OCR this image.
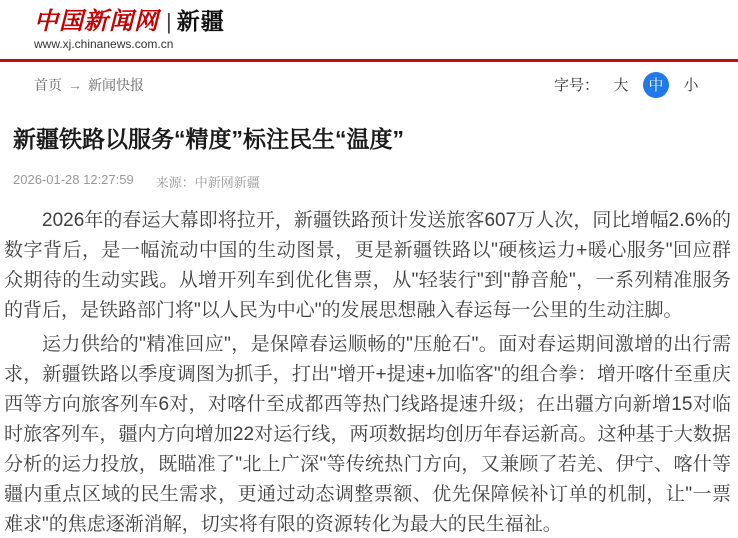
中国新闻网 | 新疆
www.xj.chinanews.com.cn
首页 → 新闻快报	字号： 大	中	小
新疆铁路以服务“精度”标注民生“温度”
2026-01-28 12:27:59 来源：中新网新疆

2026年的春运大幕即将拉开，新疆铁路预计发送旅客607万人次，同比增幅2.6%的数字背后，是一幅流动中国的生动图景，更是新疆铁路以"硬核运力+暖心服务"回应群众期待的生动实践。从增开列车到优化售票，从"轻装行"到"静音舱"，一系列精准服务的背后，是铁路部门将"以人民为中心"的发展思想融入春运每一公里的生动注脚。

运力供给的"精准回应"，是保障春运顺畅的"压舱石"。面对春运期间激增的出行需求，新疆铁路以季度调图为抓手，打出"增开+提速+加临客"的组合拳：增开喀什至重庆西等方向旅客列车6对，对喀什至成都西等热门线路提速升级；在出疆方向新增15对临时旅客列车，疆内方向增加22对运行线，两项数据均创历年春运新高。这种基于大数据分析的运力投放，既瞄准了"北上广深"等传统热门方向，又兼顾了若羌、伊宁、喀什等疆内重点区域的民生需求，更通过动态调整票额、优先保障候补订单的机制，让"一票难求"的焦虑逐渐消解，切实将有限的资源转化为最大的民生福祉。
